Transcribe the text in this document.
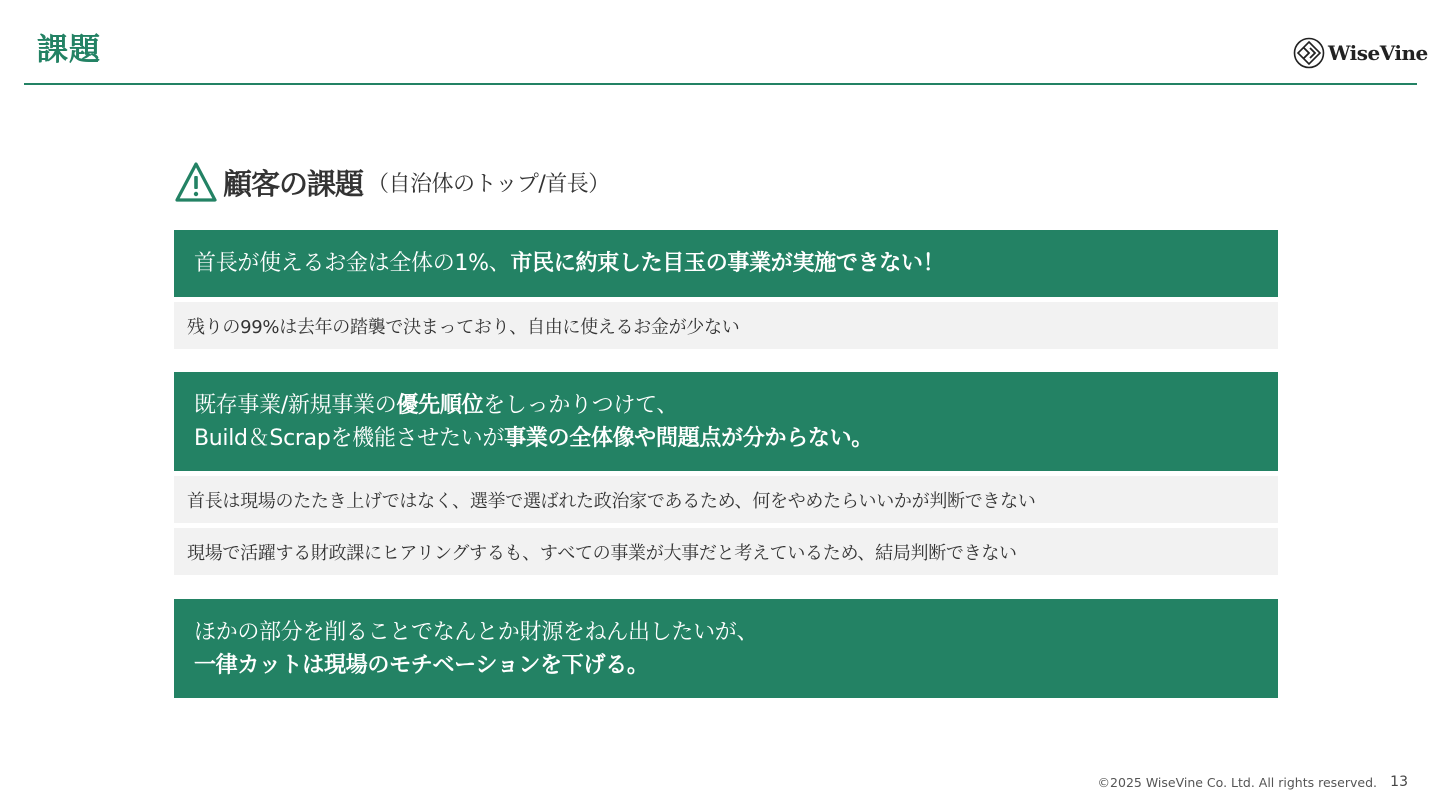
課題	WiseVine
顧客の課題 （自治体のトップ/首長）
首長が使えるお金は全体の1%、市民に約束した目玉の事業が実施できない！
残りの99%は去年の踏襲で決まっており、自由に使えるお金が少ない
既存事業/新規事業の優先順位をしっかりつけて、
Build＆Scrapを機能させたいが事業の全体像や問題点が分からない。
首長は現場のたたき上げではなく、選挙で選ばれた政治家であるため、何をやめたらいいかが判断できない
現場で活躍する財政課にヒアリングするも、すべての事業が大事だと考えているため、結局判断できない
ほかの部分を削ることでなんとか財源をねん出したいが、
一律カットは現場のモチベーションを下げる。
©2025 WiseVine Co. Ltd. All rights reserved. 13
